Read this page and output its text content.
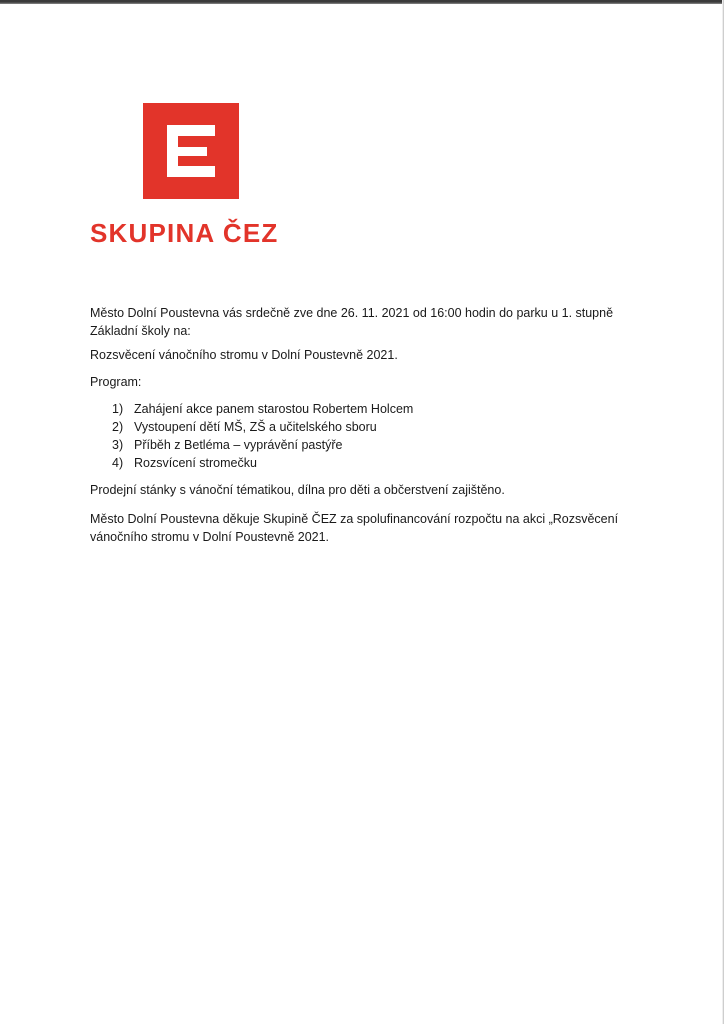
SKUPINA ČEZ
Město Dolní Poustevna vás srdečně zve dne 26. 11. 2021 od 16:00 hodin do parku u 1. stupně
Základní školy na:
Rozsvěcení vánočního stromu v Dolní Poustevně 2021.
Program:
1) Zahájení akce panem starostou Robertem Holcem
2) Vystoupení dětí MŠ, ZŠ a učitelského sboru
3) Příběh z Betléma – vyprávění pastýře
4) Rozsvícení stromečku
Prodejní stánky s vánoční tématikou, dílna pro děti a občerstvení zajištěno.
Město Dolní Poustevna děkuje Skupině ČEZ za spolufinancování rozpočtu na akci „Rozsvěcení
vánočního stromu v Dolní Poustevně 2021.
